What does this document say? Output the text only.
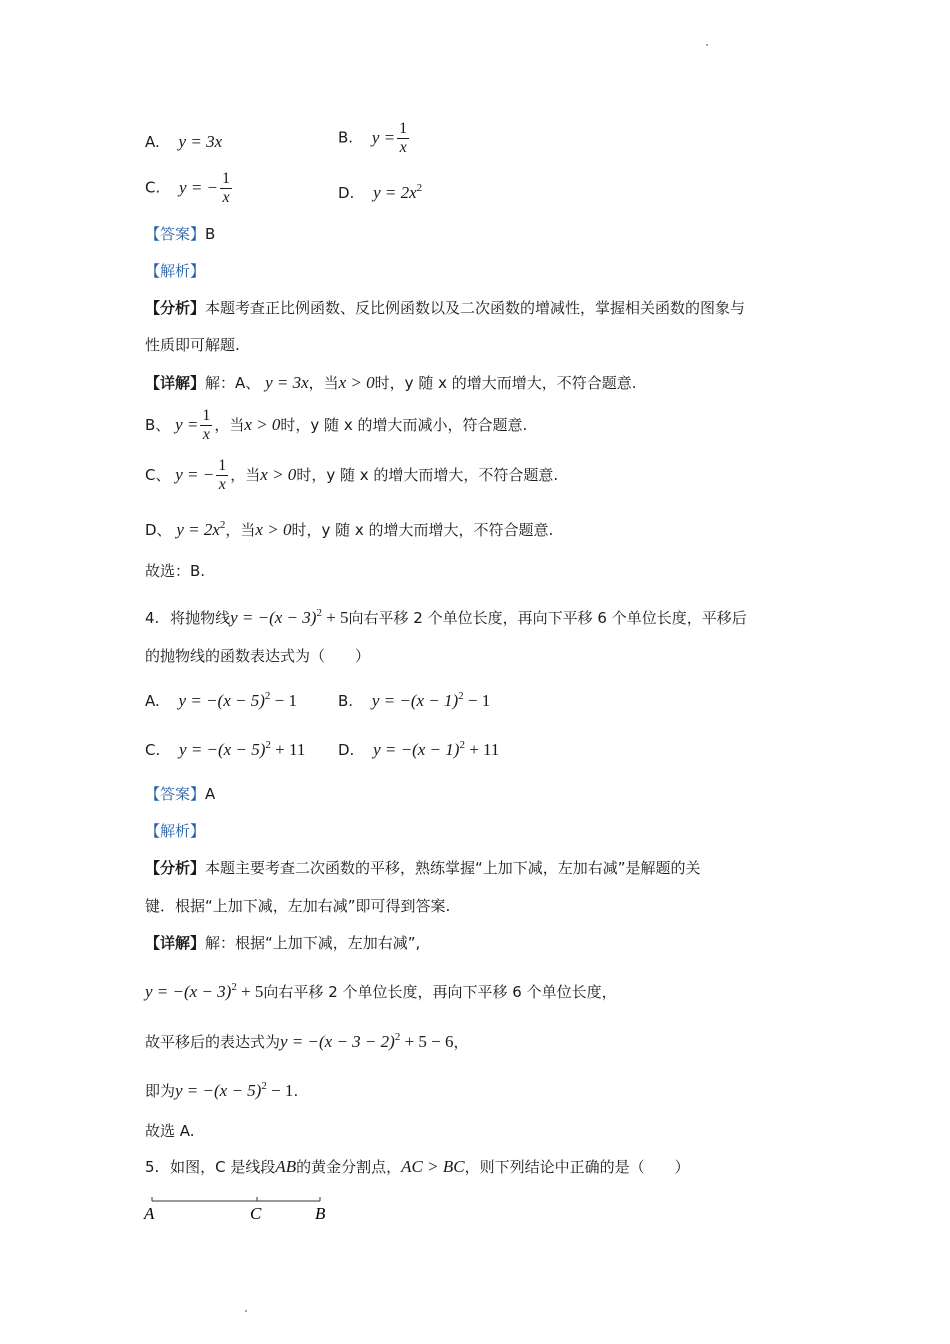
A. y = 3x	B. $y = \frac{1}{x}$
C. y = − $\frac{1}{x}$	D. $y = 2x^2$
【答案】B
【解析】
【分析】本题考查正比例函数、反比例函数以及二次函数的增减性，掌握相关函数的图象与
性质即可解题.
【详解】解：A、 y = 3x，当x > 0时，y 随 x 的增大而增大，不符合题意.
B、 $y = \frac{1}{x}$ ，当x > 0时，y 随 x 的增大而减小，符合题意.
C、 y = − $\frac{1}{x}$ ，当x > 0时，y 随 x 的增大而增大，不符合题意.
D、 $y = 2x^2$，当x > 0时，y 随 x 的增大而增大，不符合题意.
故选：B.
4. 将抛物线$y = -(x - 3)^2 + 5$向右平移 2 个单位长度，再向下平移 6 个单位长度，平移后
的抛物线的函数表达式为（　　）
A. $y = -(x - 5)^2 - 1$	B. $y = -(x - 1)^2 - 1$
C. $y = -(x - 5)^2 + 11$ D. $y = -(x - 1)^2 + 11$
【答案】A
【解析】
【分析】本题主要考查二次函数的平移，熟练掌握“上加下减，左加右减”是解题的关
键．根据“上加下减，左加右减”即可得到答案.
【详解】解：根据“上加下减，左加右减”,
$y = -(x - 3)^2 + 5$向右平移 2 个单位长度，再向下平移 6 个单位长度，
故平移后的表达式为$y = -(x - 3 - 2)^2 + 5 - 6$，
即为$y = -(x - 5)^2 - 1$.
故选 A.
5. 如图，C 是线段AB的黄金分割点，AC > BC，则下列结论中正确的是（　　）
A	C	B
